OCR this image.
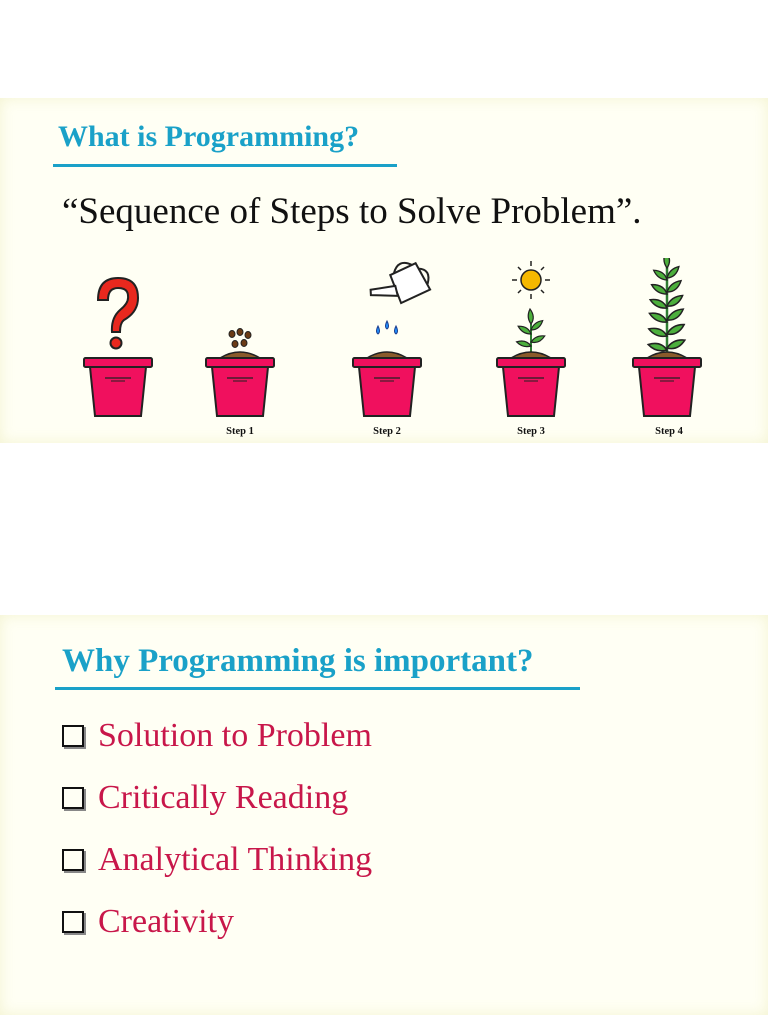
What is Programming?
“Sequence of Steps to Solve Problem”.
Step 1	Step 2	Step 3	Step 4
Why Programming is important?
Solution to Problem
Critically Reading
Analytical Thinking
Creativity
